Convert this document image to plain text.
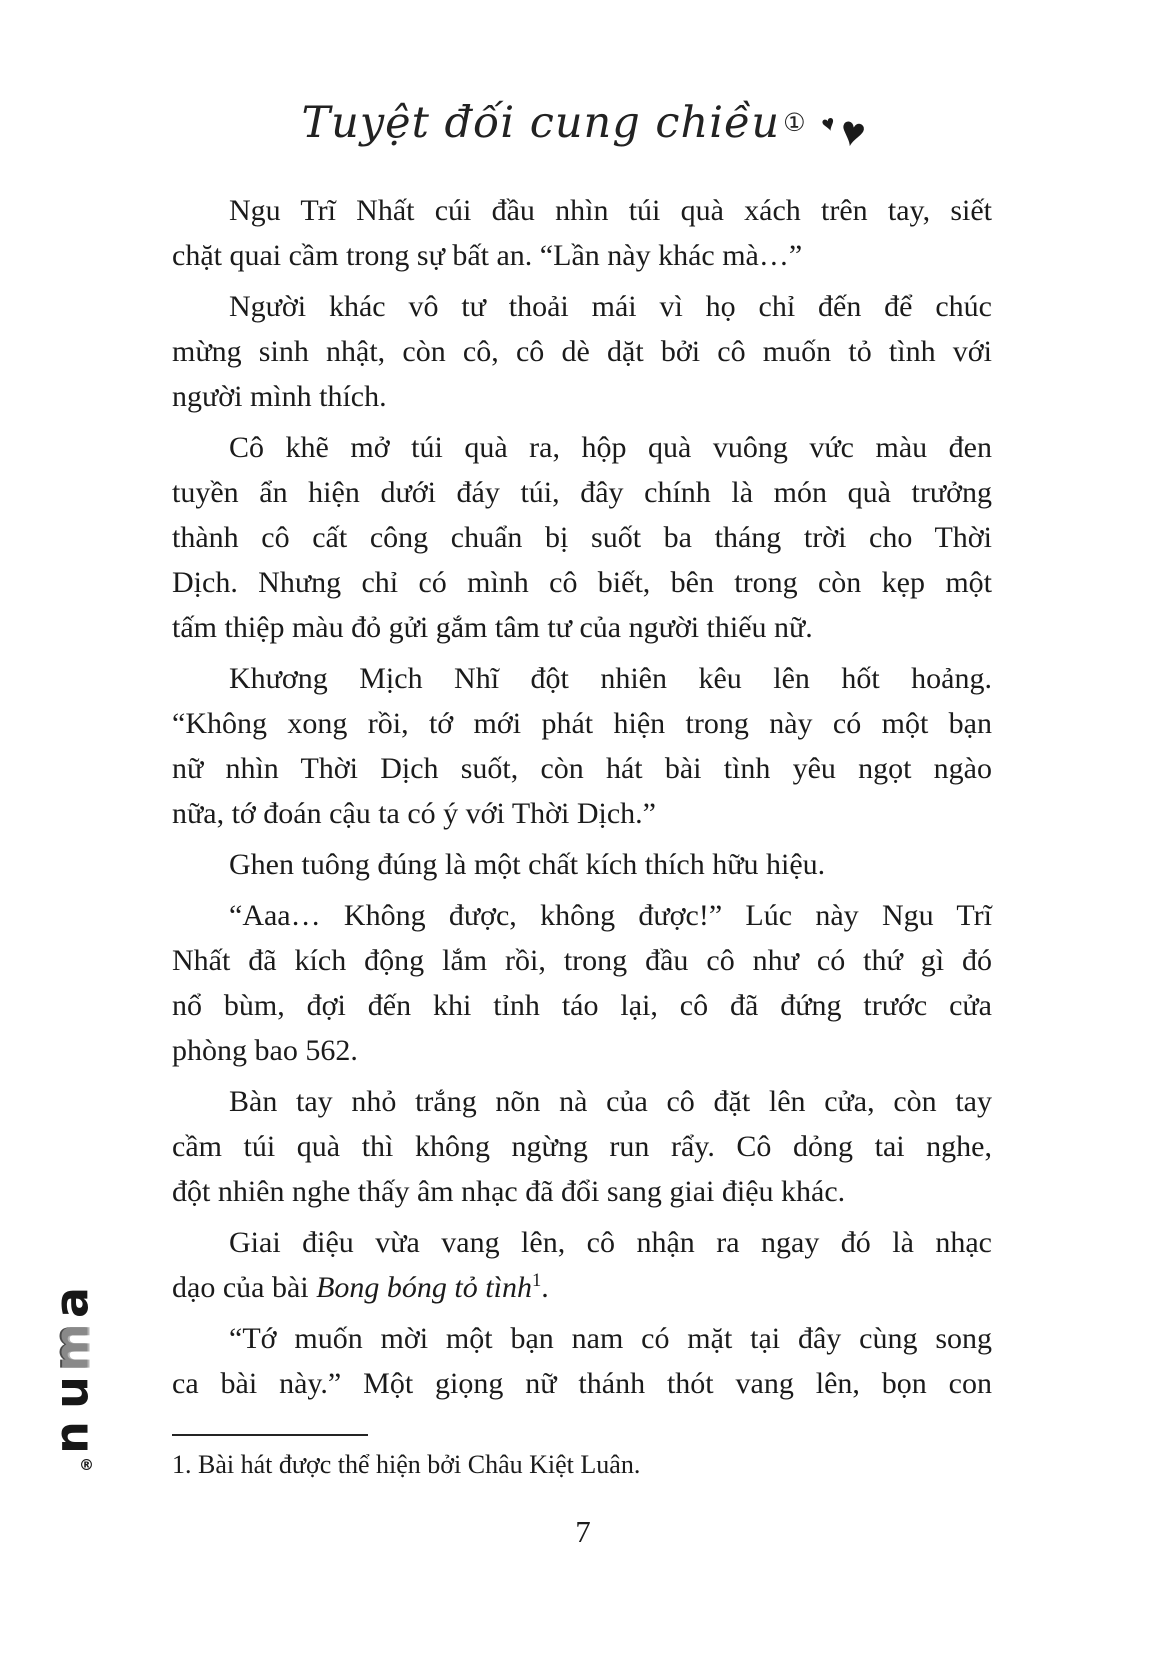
Tuyệt đối cung chiều ① ♥ ♥
Ngu Trĩ Nhất cúi đầu nhìn túi quà xách trên tay, siết
chặt quai cầm trong sự bất an. “Lần này khác mà…”
Người khác vô tư thoải mái vì họ chỉ đến để chúc
mừng sinh nhật, còn cô, cô dè dặt bởi cô muốn tỏ tình với
người mình thích.
Cô khẽ mở túi quà ra, hộp quà vuông vức màu đen
tuyền ẩn hiện dưới đáy túi, đây chính là món quà trưởng
thành cô cất công chuẩn bị suốt ba tháng trời cho Thời
Dịch. Nhưng chỉ có mình cô biết, bên trong còn kẹp một
tấm thiệp màu đỏ gửi gắm tâm tư của người thiếu nữ.
Khương Mịch Nhĩ đột nhiên kêu lên hốt hoảng.
“Không xong rồi, tớ mới phát hiện trong này có một bạn
nữ nhìn Thời Dịch suốt, còn hát bài tình yêu ngọt ngào
nữa, tớ đoán cậu ta có ý với Thời Dịch.”
Ghen tuông đúng là một chất kích thích hữu hiệu.
“Aaa… Không được, không được!” Lúc này Ngu Trĩ
Nhất đã kích động lắm rồi, trong đầu cô như có thứ gì đó
nổ bùm, đợi đến khi tỉnh táo lại, cô đã đứng trước cửa
phòng bao 562.
Bàn tay nhỏ trắng nõn nà của cô đặt lên cửa, còn tay
cầm túi quà thì không ngừng run rẩy. Cô dỏng tai nghe,
đột nhiên nghe thấy âm nhạc đã đổi sang giai điệu khác.
Giai điệu vừa vang lên, cô nhận ra ngay đó là nhạc
dạo của bài Bong bóng tỏ tình$^1$.
“Tớ muốn mời một bạn nam có mặt tại đây cùng song
ca bài này.” Một giọng nữ thánh thót vang lên, bọn con
1. Bài hát được thể hiện bởi Châu Kiệt Luân.
a
m
u
n
®
7
